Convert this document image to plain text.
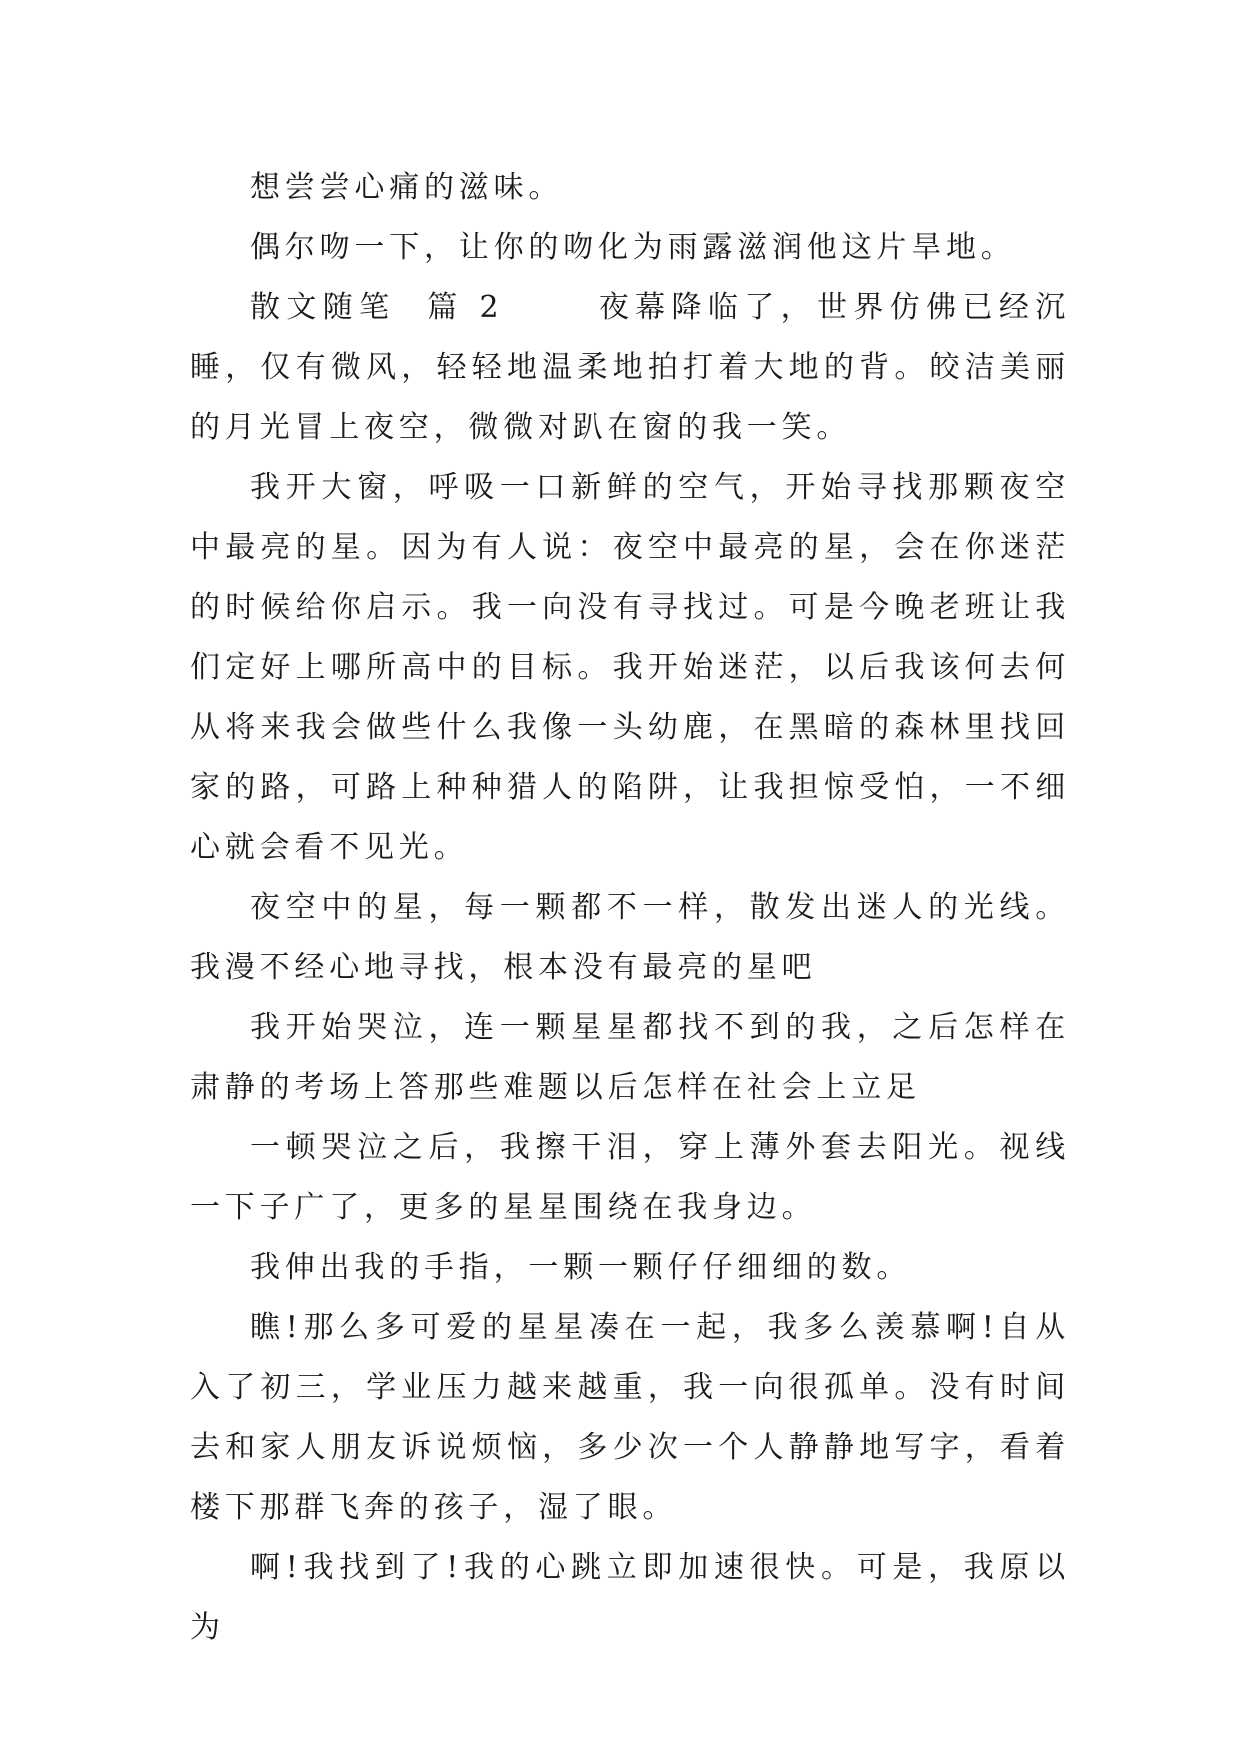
想尝尝心痛的滋味。

偶尔吻一下，让你的吻化为雨露滋润他这片旱地。

散文随笔  篇 2      夜幕降临了，世界仿佛已经沉睡，仅有微风，轻轻地温柔地拍打着大地的背。皎洁美丽的月光冒上夜空，微微对趴在窗的我一笑。

我开大窗，呼吸一口新鲜的空气，开始寻找那颗夜空中最亮的星。因为有人说：夜空中最亮的星，会在你迷茫的时候给你启示。我一向没有寻找过。可是今晚老班让我们定好上哪所高中的目标。我开始迷茫，以后我该何去何从将来我会做些什么我像一头幼鹿，在黑暗的森林里找回家的路，可路上种种猎人的陷阱，让我担惊受怕，一不细心就会看不见光。

夜空中的星，每一颗都不一样，散发出迷人的光线。我漫不经心地寻找，根本没有最亮的星吧

我开始哭泣，连一颗星星都找不到的我，之后怎样在肃静的考场上答那些难题以后怎样在社会上立足

一顿哭泣之后，我擦干泪，穿上薄外套去阳光。视线一下子广了，更多的星星围绕在我身边。

我伸出我的手指，一颗一颗仔仔细细的数。

瞧!那么多可爱的星星凑在一起，我多么羡慕啊!自从入了初三，学业压力越来越重，我一向很孤单。没有时间去和家人朋友诉说烦恼，多少次一个人静静地写字，看着楼下那群飞奔的孩子，湿了眼。

啊!我找到了!我的心跳立即加速很快。可是，我原以为
